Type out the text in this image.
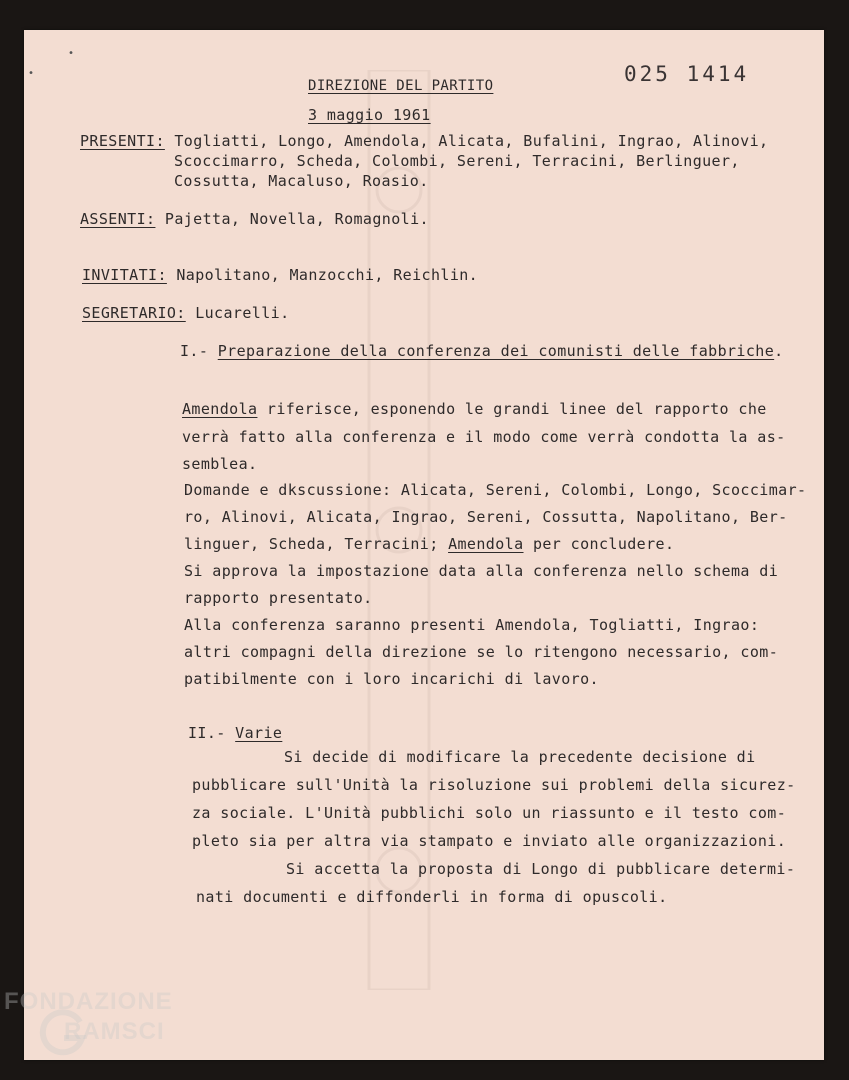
•
•	025 1414
DIREZIONE DEL PARTITO
3 maggio 1961
PRESENTI: Togliatti, Longo, Amendola, Alicata, Bufalini, Ingrao, Alinovi,
Scoccimarro, Scheda, Colombi, Sereni, Terracini, Berlinguer,
Cossutta, Macaluso, Roasio.
ASSENTI: Pajetta, Novella, Romagnoli.
INVITATI: Napolitano, Manzocchi, Reichlin.
SEGRETARIO: Lucarelli.
I.- Preparazione della conferenza dei comunisti delle fabbriche.
Amendola riferisce, esponendo le grandi linee del rapporto che
verrà fatto alla conferenza e il modo come verrà condotta la as-
semblea.
Domande e dkscussione: Alicata, Sereni, Colombi, Longo, Scoccimar-
ro, Alinovi, Alicata, Ingrao, Sereni, Cossutta, Napolitano, Ber-
linguer, Scheda, Terracini; Amendola per concludere.
Si approva la impostazione data alla conferenza nello schema di
rapporto presentato.
Alla conferenza saranno presenti Amendola, Togliatti, Ingrao:
altri compagni della direzione se lo ritengono necessario, com-
patibilmente con i loro incarichi di lavoro.
II.- Varie
Si decide di modificare la precedente decisione di
pubblicare sull'Unità la risoluzione sui problemi della sicurez-
za sociale. L'Unità pubblichi solo un riassunto e il testo com-
pleto sia per altra via stampato e inviato alle organizzazioni.
Si accetta la proposta di Longo di pubblicare determi-
nati documenti e diffonderli in forma di opuscoli.
FONDAZIONE
RAMSCI
